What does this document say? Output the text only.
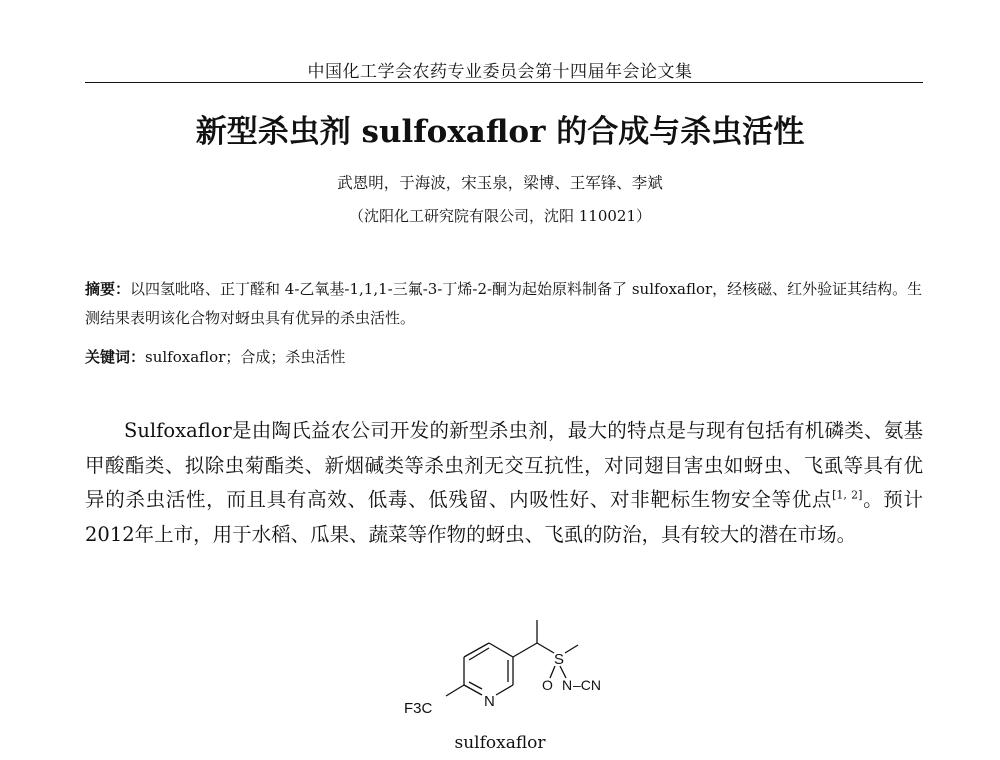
中国化工学会农药专业委员会第十四届年会论文集
新型杀虫剂 sulfoxaflor 的合成与杀虫活性
武恩明，于海波，宋玉泉，梁博、王军锋、李斌
（沈阳化工研究院有限公司，沈阳 110021）
摘要：以四氢吡咯、正丁醛和 4-乙氧基-1,1,1-三氟-3-丁烯-2-酮为起始原料制备了 sulfoxaflor，经核磁、红外验证其结构。生测结果表明该化合物对蚜虫具有优异的杀虫活性。
关键词：sulfoxaflor；合成；杀虫活性

Sulfoxaflor是由陶氏益农公司开发的新型杀虫剂，最大的特点是与现有包括有机磷类、氨基甲酸酯类、拟除虫菊酯类、新烟碱类等杀虫剂无交互抗性，对同翅目害虫如蚜虫、飞虱等具有优异的杀虫活性，而且具有高效、低毒、低残留、内吸性好、对非靶标生物安全等优点[1, 2]。预计2012年上市，用于水稻、瓜果、蔬菜等作物的蚜虫、飞虱的防治，具有较大的潜在市场。

F3C	N
S
O N –CN
sulfoxaflor
